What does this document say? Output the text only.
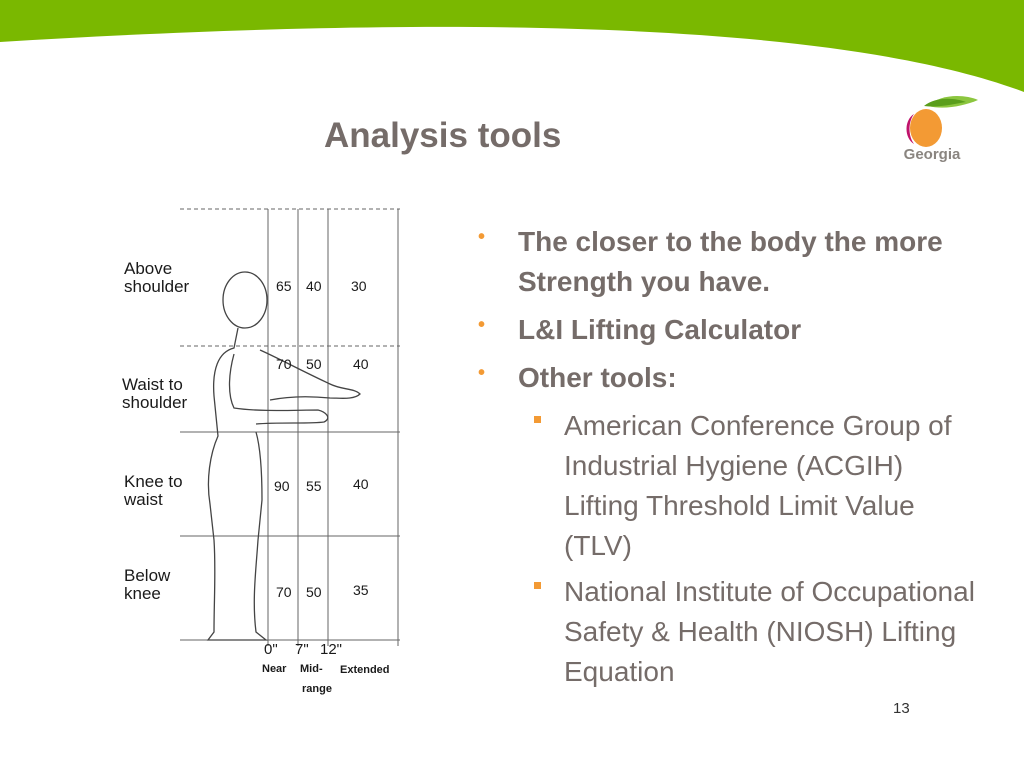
Analysis tools	Georgia
Above
shoulder
Waist to
shoulder
Knee to
waist
Below
knee
65 40 30
70 50 40
90 55 40
70 50 35
0" 7" 12"
Near Mid-
range
Extended
• The closer to the body the more Strength you have.
• L&I Lifting Calculator
• Other tools:
American Conference Group of Industrial Hygiene (ACGIH) Lifting Threshold Limit Value (TLV)
National Institute of Occupational Safety & Health (NIOSH) Lifting Equation
13
